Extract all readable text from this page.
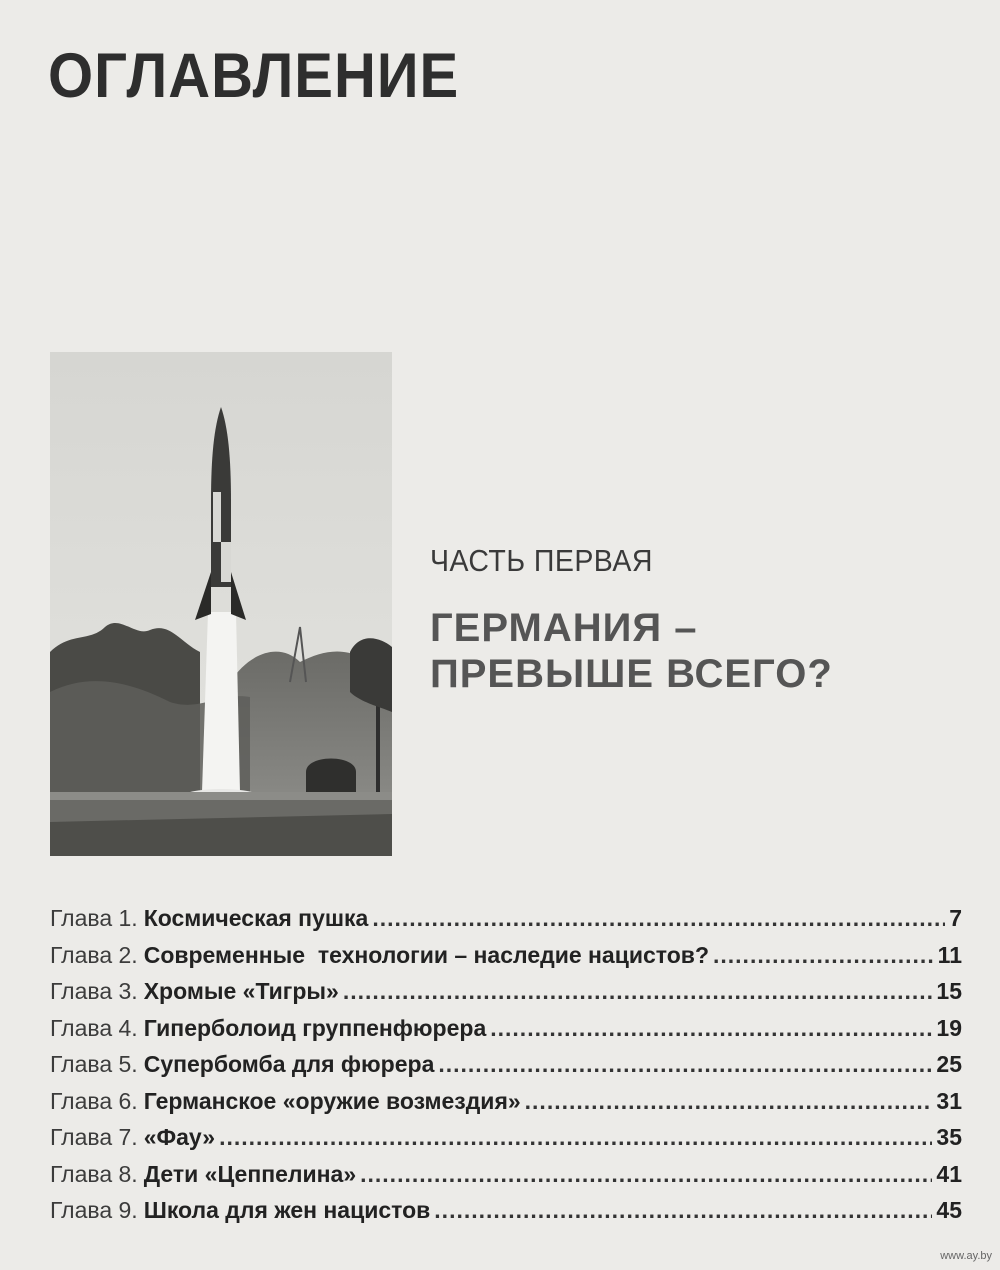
ОГЛАВЛЕНИЕ
ЧАСТЬ ПЕРВАЯ
ГЕРМАНИЯ –
ПРЕВЫШЕ ВСЕГО?
Глава 1. Космическая пушка .....	7
Глава 2. Современные  технологии – наследие нацистов? .....	11
Глава 3. Хромые «Тигры» .....	15
Глава 4. Гиперболоид группенфюрера .....	19
Глава 5. Супербомба для фюрера .....	25
Глава 6. Германское «оружие возмездия» .....	31
Глава 7. «Фау» .....	35
Глава 8. Дети «Цеппелина» .....	41
Глава 9. Школа для жен нацистов .....	45
www.ay.by
